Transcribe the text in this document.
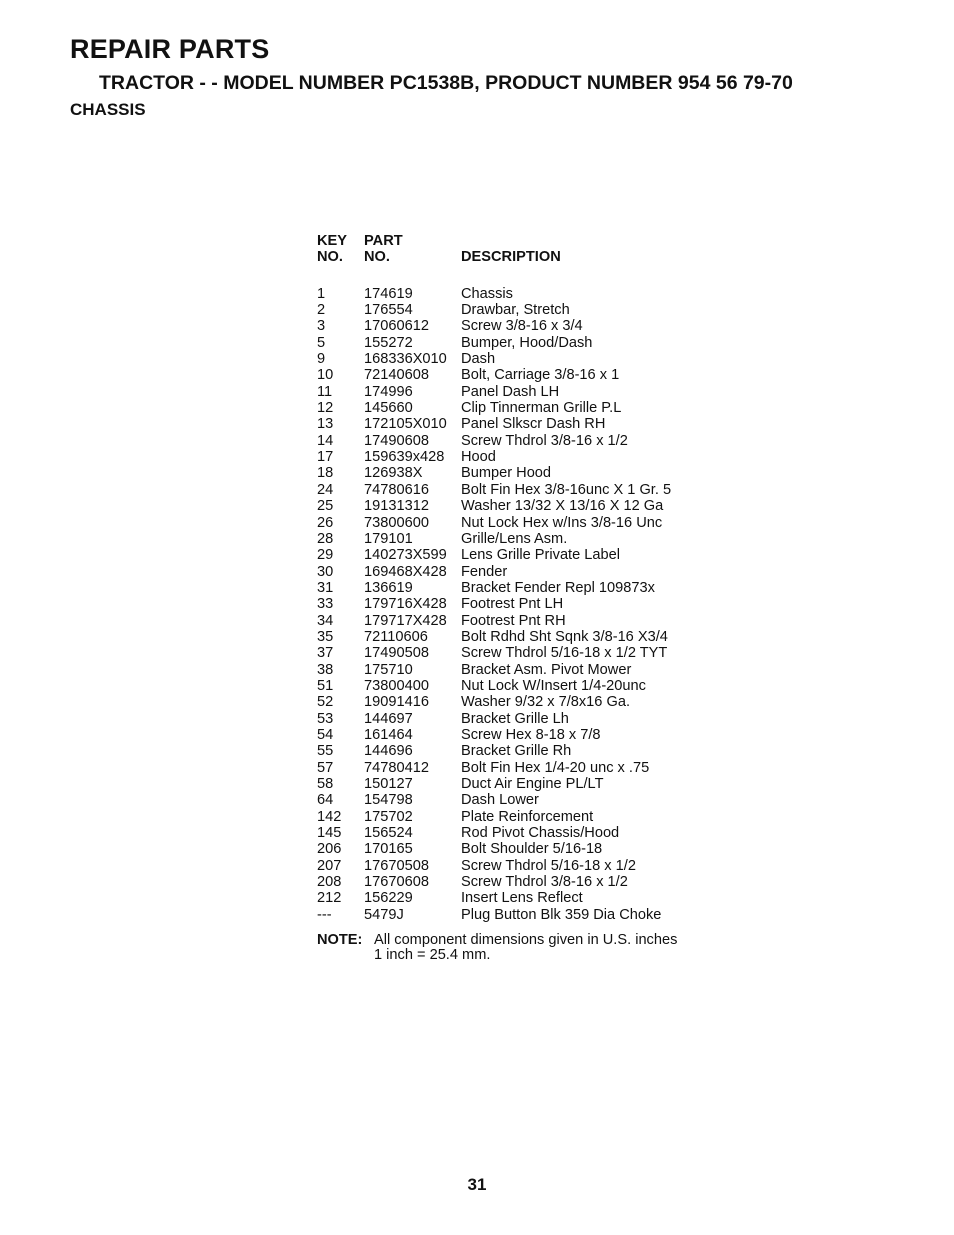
REPAIR PARTS
TRACTOR - - MODEL NUMBER PC1538B, PRODUCT NUMBER 954 56 79-70
CHASSIS
KEY	PART
NO.	NO.	DESCRIPTION
1	174619	Chassis
2	176554	Drawbar, Stretch
3	17060612	Screw 3/8-16 x 3/4
5	155272	Bumper, Hood/Dash
9	168336X010 Dash
10	72140608	Bolt, Carriage 3/8-16 x 1
11	174996	Panel Dash LH
12	145660	Clip Tinnerman Grille P.L
13	172105X010 Panel Slkscr Dash RH
14	17490608	Screw Thdrol 3/8-16 x 1/2
17	159639x428	Hood
18	126938X	Bumper Hood
24	74780616	Bolt Fin Hex 3/8-16unc X 1 Gr. 5
25	19131312	Washer 13/32 X 13/16 X 12 Ga
26	73800600	Nut Lock Hex w/Ins 3/8-16 Unc
28	179101	Grille/Lens Asm.
29	140273X599 Lens Grille Private Label
30	169468X428 Fender
31	136619	Bracket Fender Repl 109873x
33	179716X428 Footrest Pnt LH
34	179717X428 Footrest Pnt RH
35	72110606	Bolt Rdhd Sht Sqnk 3/8-16 X3/4
37	17490508	Screw Thdrol 5/16-18 x 1/2 TYT
38	175710	Bracket Asm. Pivot Mower
51	73800400	Nut Lock W/Insert 1/4-20unc
52	19091416	Washer 9/32 x 7/8x16 Ga.
53	144697	Bracket Grille Lh
54	161464	Screw Hex 8-18 x 7/8
55	144696	Bracket Grille Rh
57	74780412	Bolt Fin Hex 1/4-20 unc x .75
58	150127	Duct Air Engine PL/LT
64	154798	Dash Lower
142	175702	Plate Reinforcement
145	156524	Rod Pivot Chassis/Hood
206	170165	Bolt Shoulder 5/16-18
207	17670508	Screw Thdrol 5/16-18 x 1/2
208	17670608	Screw Thdrol 3/8-16 x 1/2
212	156229	Insert Lens Reflect
---	5479J	Plug Button Blk 359 Dia Choke
NOTE: All component dimensions given in U.S. inches
1 inch = 25.4 mm.
31
